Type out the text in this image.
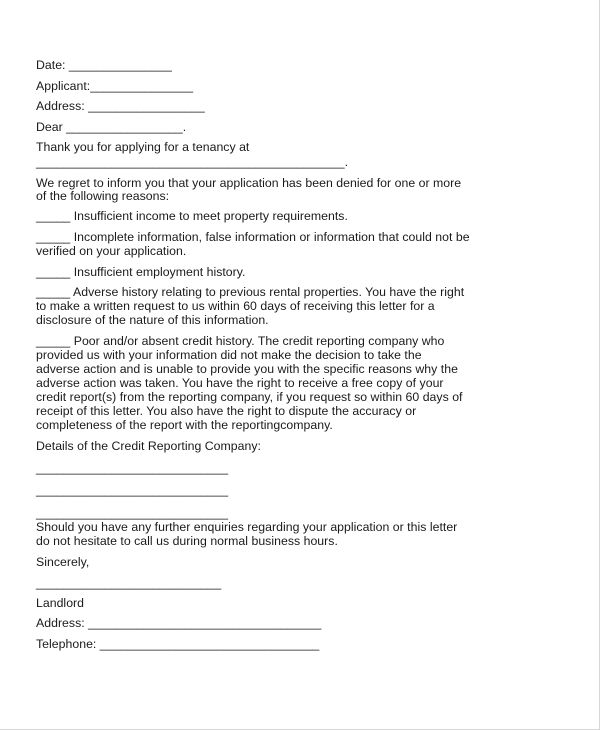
Date: _______________

Applicant:_______________

Address: _________________

Dear _________________.

Thank you for applying for a tenancy at

_____________________________________________.

We regret to inform you that your application has been denied for one or more

of the following reasons:

_____ Insufficient income to meet property requirements.

_____ Incomplete information, false information or information that could not be

verified on your application.

_____ Insufficient employment history.

_____ Adverse history relating to previous rental properties. You have the right

to make a written request to us within 60 days of receiving this letter for a

disclosure of the nature of this information.

_____ Poor and/or absent credit history. The credit reporting company who

provided us with your information did not make the decision to take the

adverse action and is unable to provide you with the specific reasons why the

adverse action was taken. You have the right to receive a free copy of your

credit report(s) from the reporting company, if you request so within 60 days of

receipt of this letter. You also have the right to dispute the accuracy or

completeness of the report with the reportingcompany.

Details of the Credit Reporting Company:

____________________________

____________________________

____________________________

Should you have any further enquiries regarding your application or this letter

do not hesitate to call us during normal business hours.

Sincerely,

___________________________

Landlord

Address: __________________________________

Telephone: ________________________________
